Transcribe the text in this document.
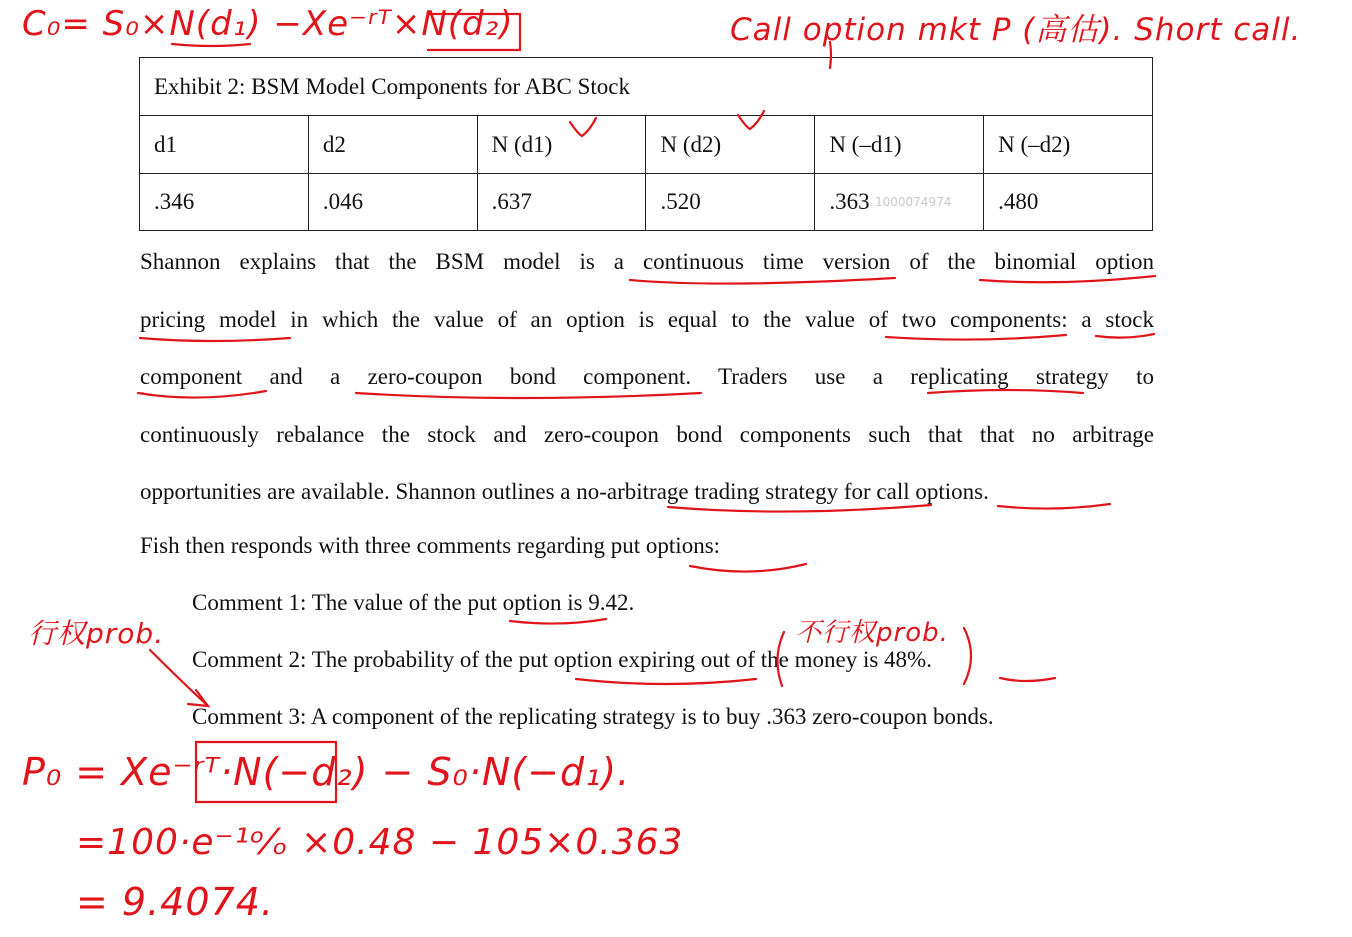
Exhibit 2: BSM Model Components for ABC Stock					
d1	d2	N (d1)	N (d2)	N (–d1)	N (–d2)
.346	.046	.637	.520	.363	.480
Shannon explains that the BSM model is a continuous time version of the binomial option
pricing model in which the value of an option is equal to the value of two components: a stock
component and a zero-coupon bond component. Traders use a replicating strategy to
continuously rebalance the stock and zero-coupon bond components such that that no arbitrage
opportunities are available. Shannon outlines a no-arbitrage trading strategy for call options.
Fish then responds with three comments regarding put options:
Comment 1: The value of the put option is 9.42.
Comment 2: The probability of the put option expiring out of the money is 48%.
Comment 3: A component of the replicating strategy is to buy .363 zero-coupon bonds.
C₀= S₀×N(d₁) −Xe⁻ʳᵀ×N(d₂)	Call option mkt P (高估). Short call.
行权prob.	不行权prob.
P₀ = Xe⁻ʳᵀ·N(−d₂) − S₀·N(−d₁).
=100·e⁻¹ᵒ⁄ₒ ×0.48 − 105×0.363
= 9.4074.
1000074974
